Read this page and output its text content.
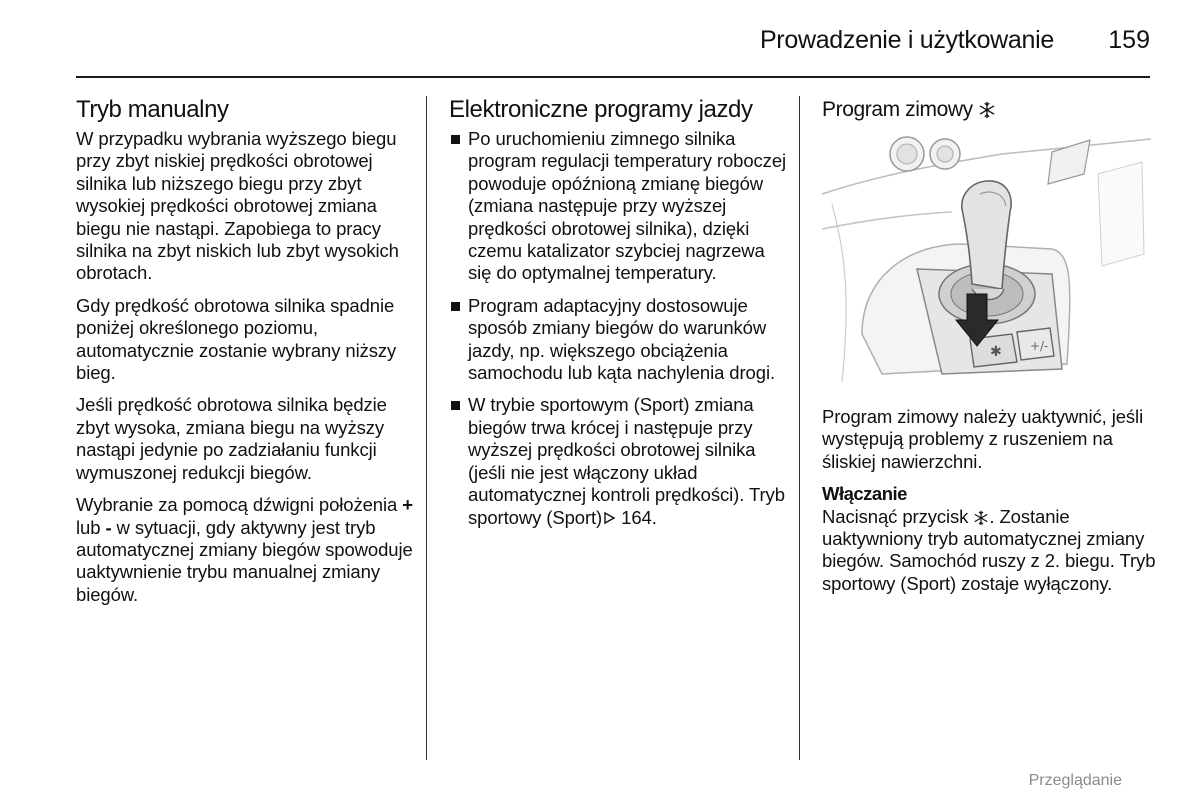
Prowadzenie i użytkowanie 159
Tryb manualny

W przypadku wybrania wyższego biegu przy zbyt niskiej prędkości obrotowej silnika lub niższego biegu przy zbyt wysokiej prędkości obrotowej zmiana biegu nie nastąpi. Zapobiega to pracy silnika na zbyt niskich lub zbyt wysokich obrotach.

Gdy prędkość obrotowa silnika spadnie poniżej określonego poziomu, automatycznie zostanie wybrany niższy bieg.

Jeśli prędkość obrotowa silnika będzie zbyt wysoka, zmiana biegu na wyższy nastąpi jedynie po zadziałaniu funkcji wymuszonej redukcji biegów.

Wybranie za pomocą dźwigni położenia + lub - w sytuacji, gdy aktywny jest tryb automatycznej zmiany biegów spowoduje uaktywnienie trybu manualnej zmiany biegów.

Elektroniczne programy jazdy
Po uruchomieniu zimnego silnika program regulacji temperatury roboczej powoduje opóźnioną zmianę biegów (zmiana następuje przy wyższej prędkości obrotowej silnika), dzięki czemu katalizator szybciej nagrzewa się do optymalnej temperatury.
Program adaptacyjny dostosowuje sposób zmiany biegów do warunków jazdy, np. większego obciążenia samochodu lub kąta nachylenia drogi.
W trybie sportowym (Sport) zmiana biegów trwa krócej i następuje przy wyższej prędkości obrotowej silnika (jeśli nie jest włączony układ automatycznej kontroli prędkości). Tryb sportowy (Sport) 164.
Program zimowy
✱ +/-

Program zimowy należy uaktywnić, jeśli występują problemy z ruszeniem na śliskiej nawierzchni.

Włączanie

Nacisnąć przycisk . Zostanie uaktywniony tryb automatycznej zmiany biegów. Samochód ruszy z 2. biegu. Tryb sportowy (Sport) zostaje wyłączony.

Przeglądanie
